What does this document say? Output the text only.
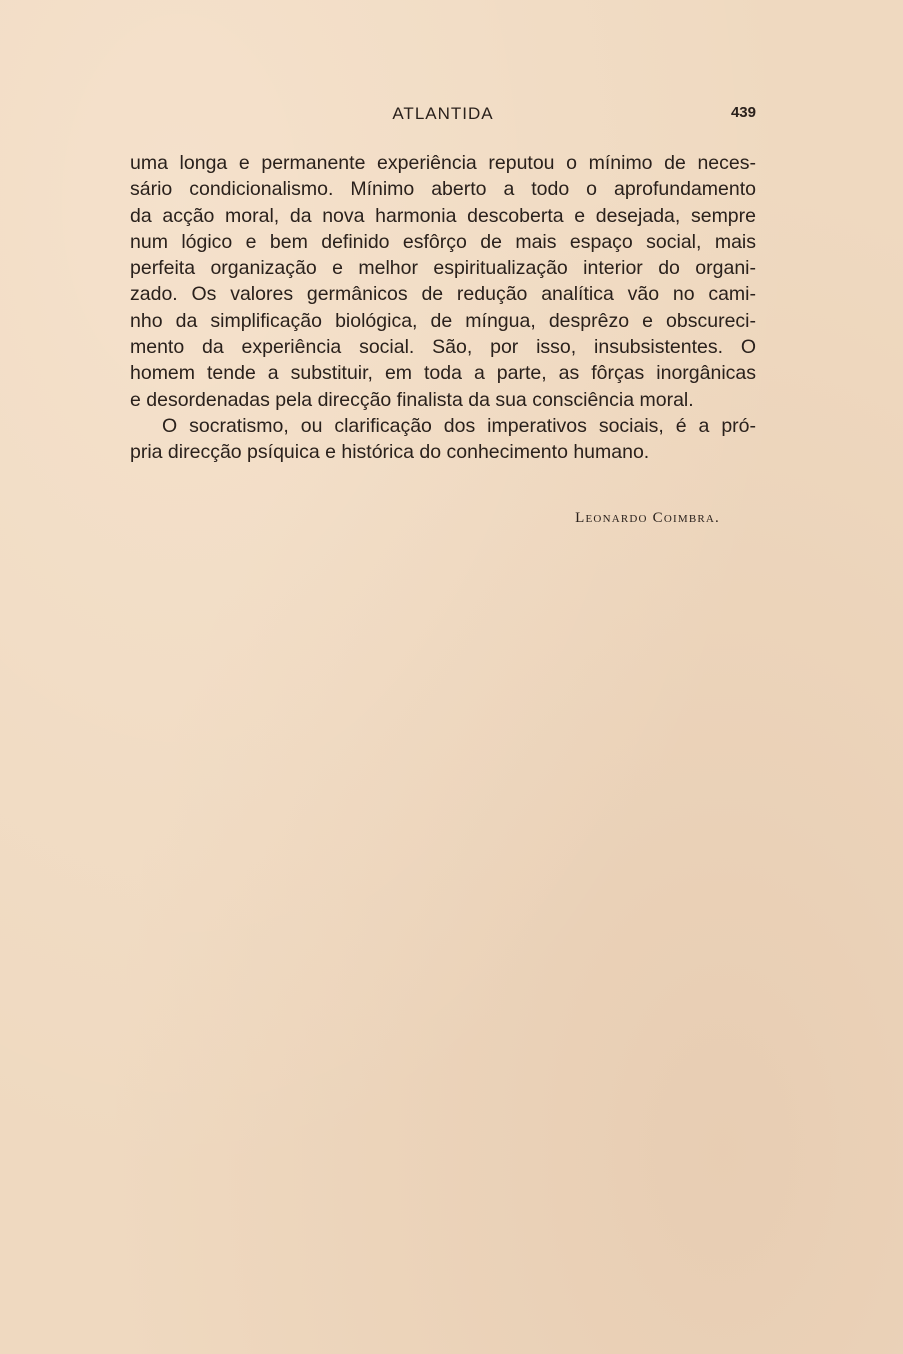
ATLANTIDA	439
uma longa e permanente experiência reputou o mínimo de neces-
sário condicionalismo. Mínimo aberto a todo o aprofundamento
da acção moral, da nova harmonia descoberta e desejada, sempre
num lógico e bem definido esfôrço de mais espaço social, mais
perfeita organização e melhor espiritualização interior do organi-
zado. Os valores germânicos de redução analítica vão no cami-
nho da simplificação biológica, de míngua, desprêzo e obscureci-
mento da experiência social. São, por isso, insubsistentes. O
homem tende a substituir, em toda a parte, as fôrças inorgânicas
e desordenadas pela direcção finalista da sua consciência moral.
O socratismo, ou clarificação dos imperativos sociais, é a pró-
pria direcção psíquica e histórica do conhecimento humano.
Leonardo Coimbra.
